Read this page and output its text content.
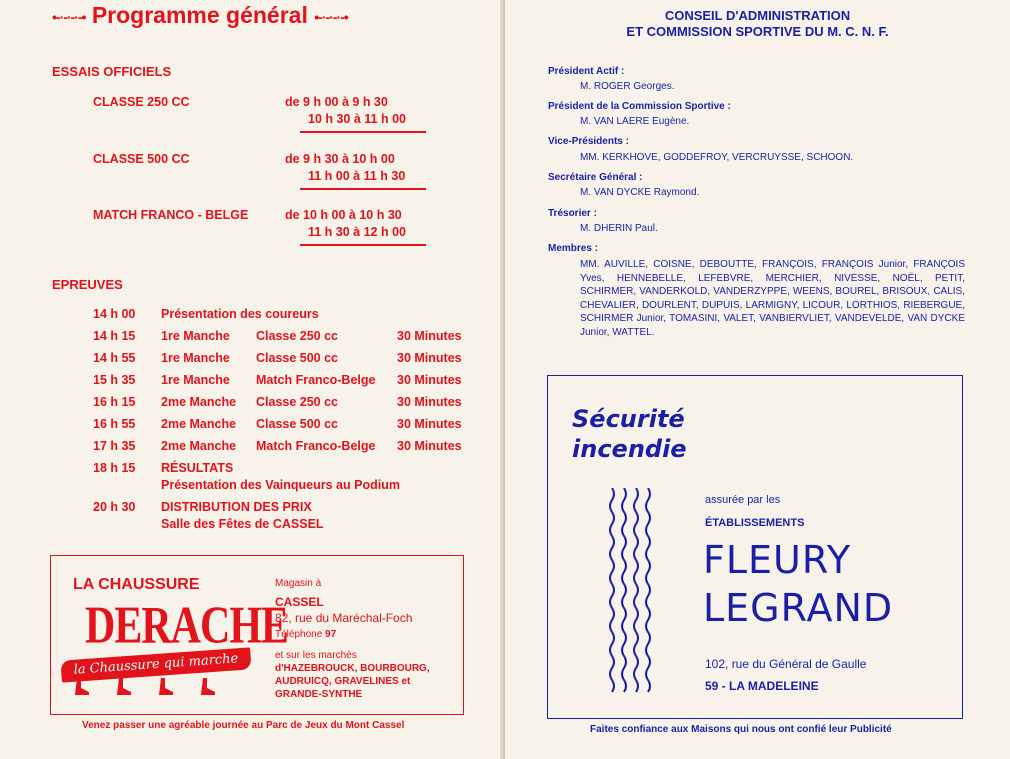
•-·-·-·-• Programme général •-·-·-·-•
ESSAIS OFFICIELS
CLASSE 250 CC	de 9 h 00 à 9 h 30
10 h 30 à 11 h 00
CLASSE 500 CC	de 9 h 30 à 10 h 00
11 h 00 à 11 h 30
MATCH FRANCO - BELGE	de 10 h 00 à 10 h 30
11 h 30 à 12 h 00
EPREUVES
14 h 00 Présentation des coureurs
14 h 15 1re Manche Classe 250 cc	30 Minutes
14 h 55 1re Manche Classe 500 cc	30 Minutes
15 h 35 1re Manche Match Franco-Belge 30 Minutes
16 h 15 2me Manche Classe 250 cc	30 Minutes
16 h 55 2me Manche Classe 500 cc	30 Minutes
17 h 35 2me Manche Match Franco-Belge 30 Minutes
18 h 15 RÉSULTATS
Présentation des Vainqueurs au Podium
20 h 30 DISTRIBUTION DES PRIX
Salle des Fêtes de CASSEL
LA CHAUSSURE
DERACHE
la Chaussure qui marche
Magasin à
CASSEL
82, rue du Maréchal-Foch
Téléphone 97
et sur les marchés
d'HAZEBROUCK, BOURBOURG,
AUDRUICQ, GRAVELINES et
GRANDE-SYNTHE
Venez passer une agréable journée au Parc de Jeux du Mont Cassel
CONSEIL D'ADMINISTRATION
ET COMMISSION SPORTIVE DU M. C. N. F.
Président Actif :
M. ROGER Georges.
Président de la Commission Sportive :
M. VAN LAERE Eugène.
Vice-Présidents :
MM. KERKHOVE, GODDEFROY, VERCRUYSSE, SCHOON.
Secrétaire Général :
M. VAN DYCKE Raymond.
Trésorier :
M. DHERIN Paul.
Membres :
MM. AUVILLE, COISNE, DEBOUTTE, FRANÇOIS, FRANÇOIS Junior, FRANÇOIS Yves, HENNEBELLE, LEFEBVRE, MERCHIER, NIVESSE, NOËL, PETIT, SCHIRMER, VANDERKOLD, VANDERZYPPE, WEENS, BOUREL, BRISOUX, CALIS, CHEVALIER, DOURLENT, DUPUIS, LARMIGNY, LICOUR, LORTHIOS, RIEBERGUE, SCHIRMER Junior, TOMASINI, VALET, VANBIERVLIET, VANDEVELDE, VAN DYCKE Junior, WATTEL.
Sécurité
incendie
assurée par les
ÉTABLISSEMENTS
FLEURY
LEGRAND
102, rue du Général de Gaulle
59 - LA MADELEINE
Faites confiance aux Maisons qui nous ont confié leur Publicité
